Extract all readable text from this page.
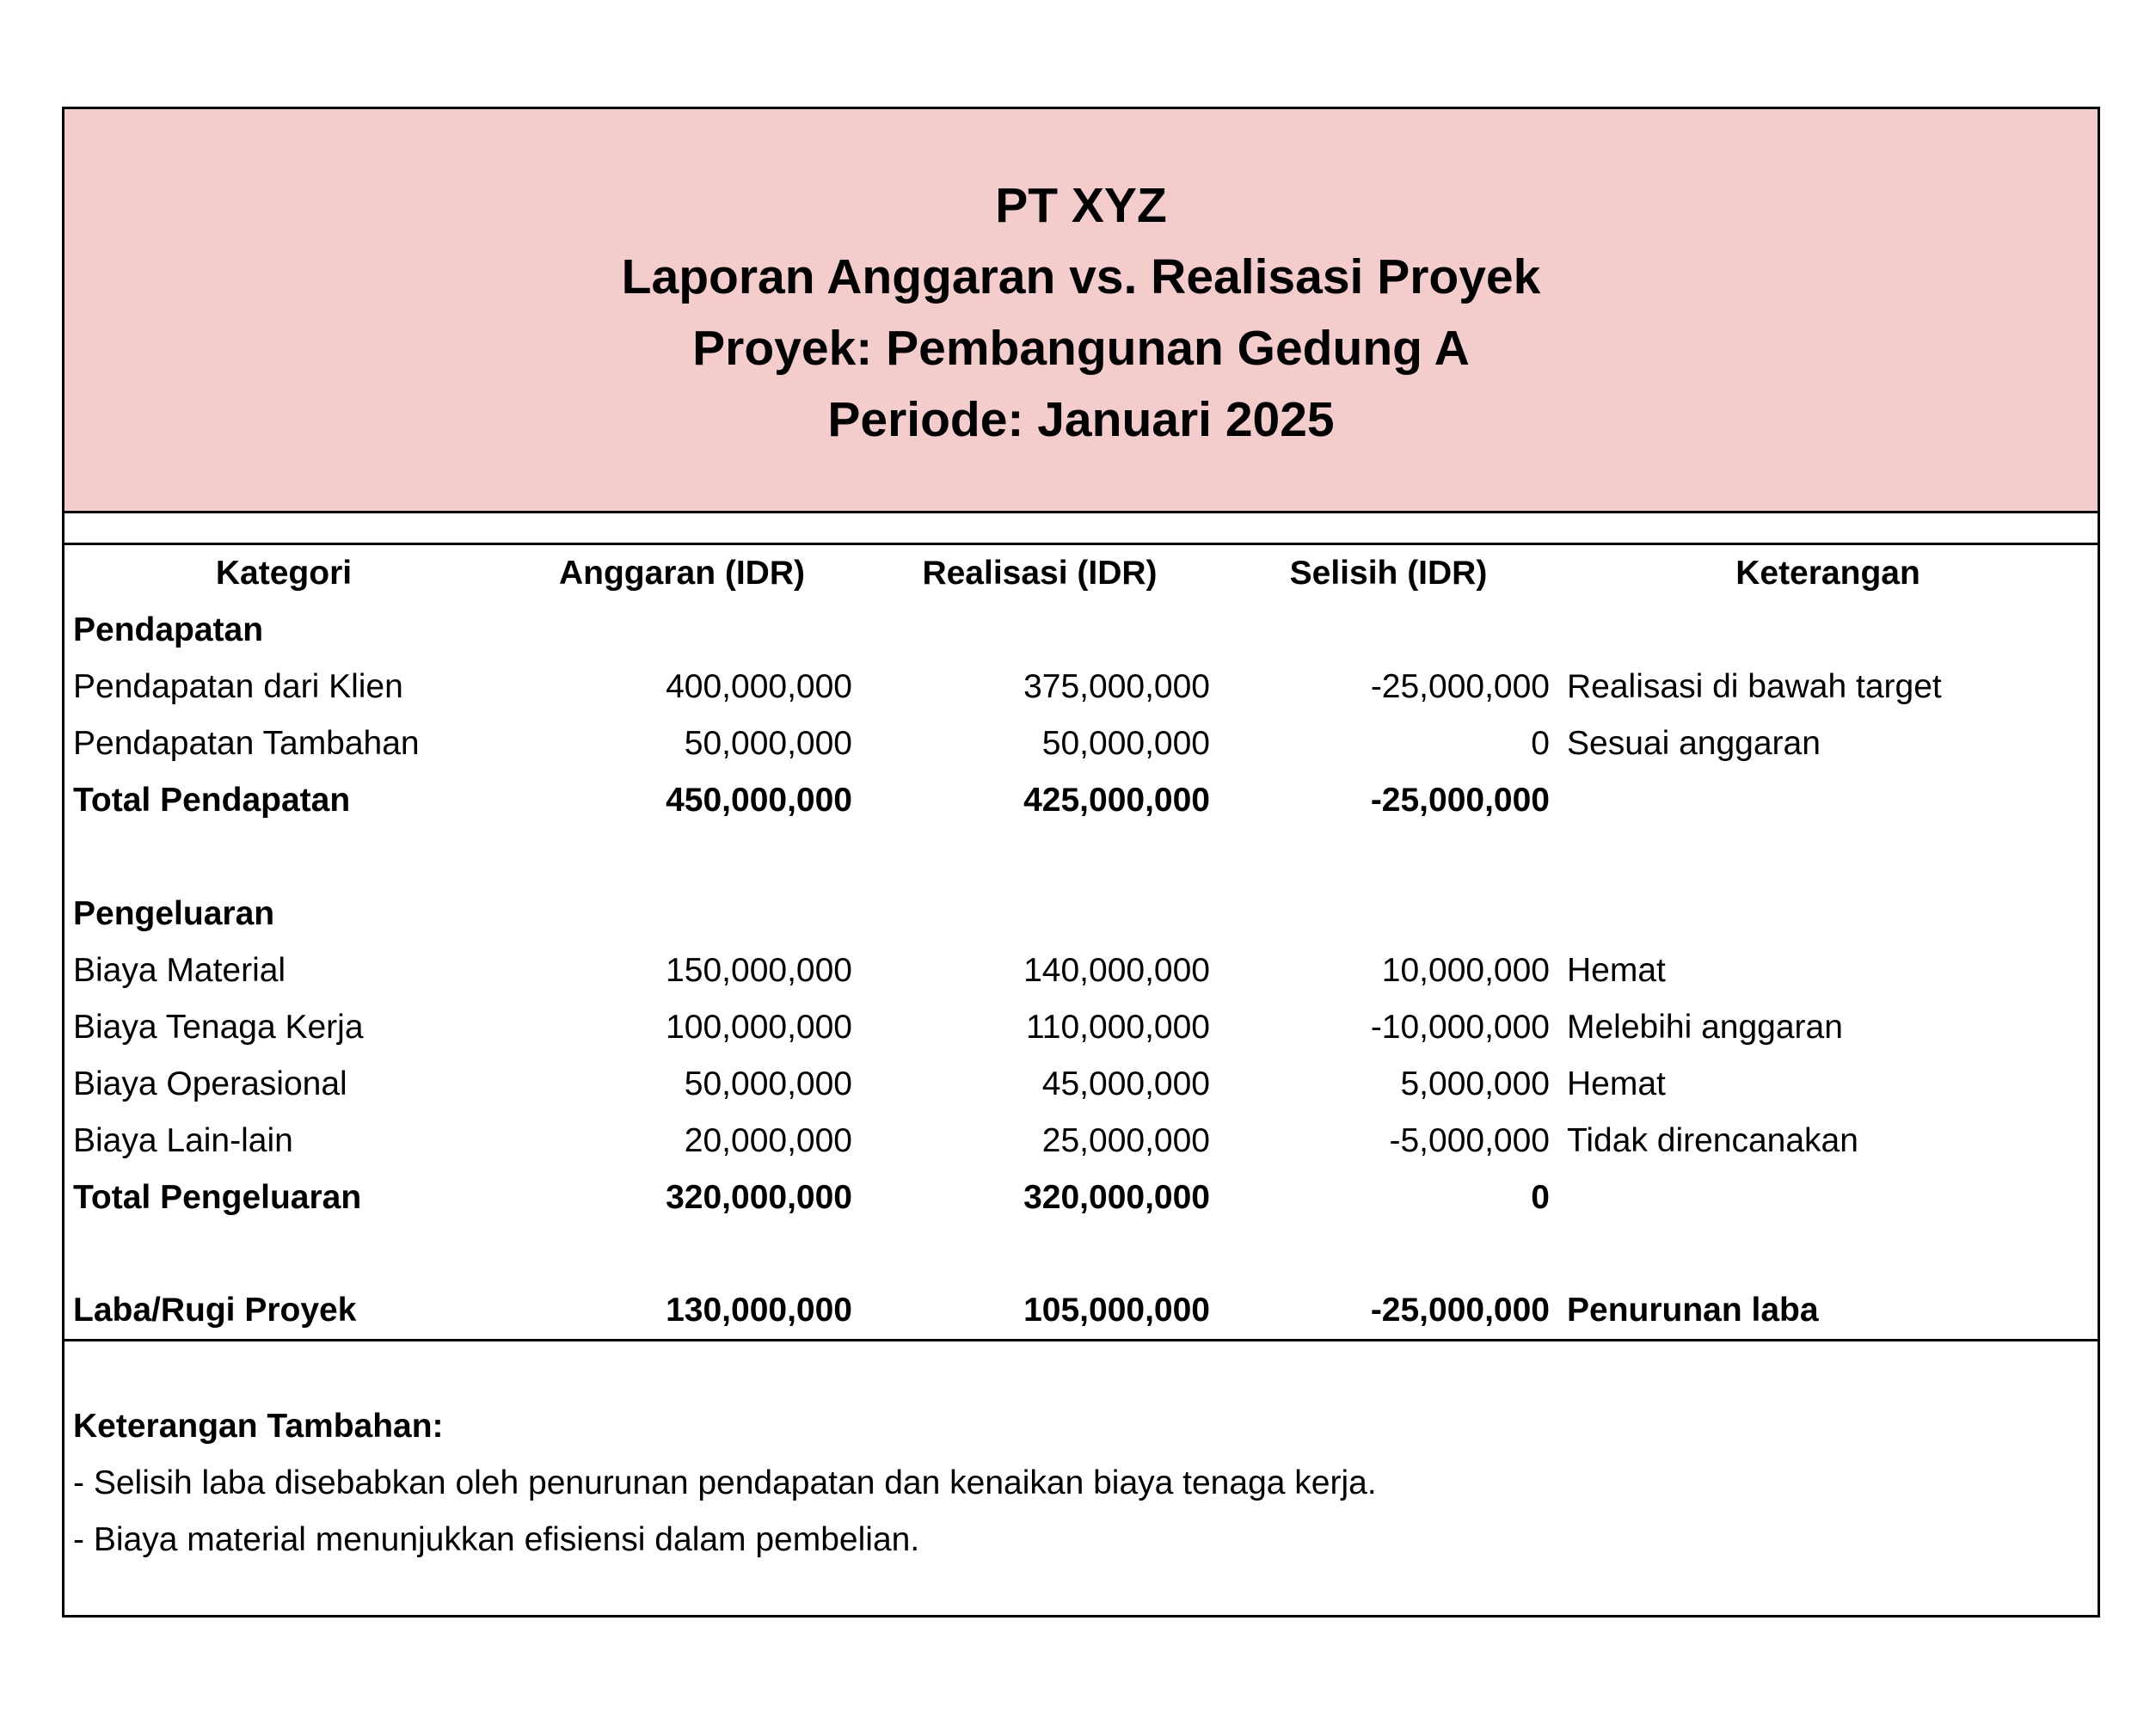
PT XYZ
Laporan Anggaran vs. Realisasi Proyek
Proyek: Pembangunan Gedung A
Periode: Januari 2025
Kategori	Anggaran (IDR)	Realisasi (IDR)	Selisih (IDR)	Keterangan
Pendapatan				
Pendapatan dari Klien	400,000,000	375,000,000	-25,000,000	Realisasi di bawah target
Pendapatan Tambahan	50,000,000	50,000,000	0	Sesuai anggaran
Total Pendapatan	450,000,000	425,000,000	-25,000,000	

Pengeluaran				
Biaya Material	150,000,000	140,000,000	10,000,000	Hemat
Biaya Tenaga Kerja	100,000,000	110,000,000	-10,000,000	Melebihi anggaran
Biaya Operasional	50,000,000	45,000,000	5,000,000	Hemat
Biaya Lain-lain	20,000,000	25,000,000	-5,000,000	Tidak direncanakan
Total Pengeluaran	320,000,000	320,000,000	0	

Laba/Rugi Proyek	130,000,000	105,000,000	-25,000,000	Penurunan laba
Keterangan Tambahan:
- Selisih laba disebabkan oleh penurunan pendapatan dan kenaikan biaya tenaga kerja.
- Biaya material menunjukkan efisiensi dalam pembelian.
